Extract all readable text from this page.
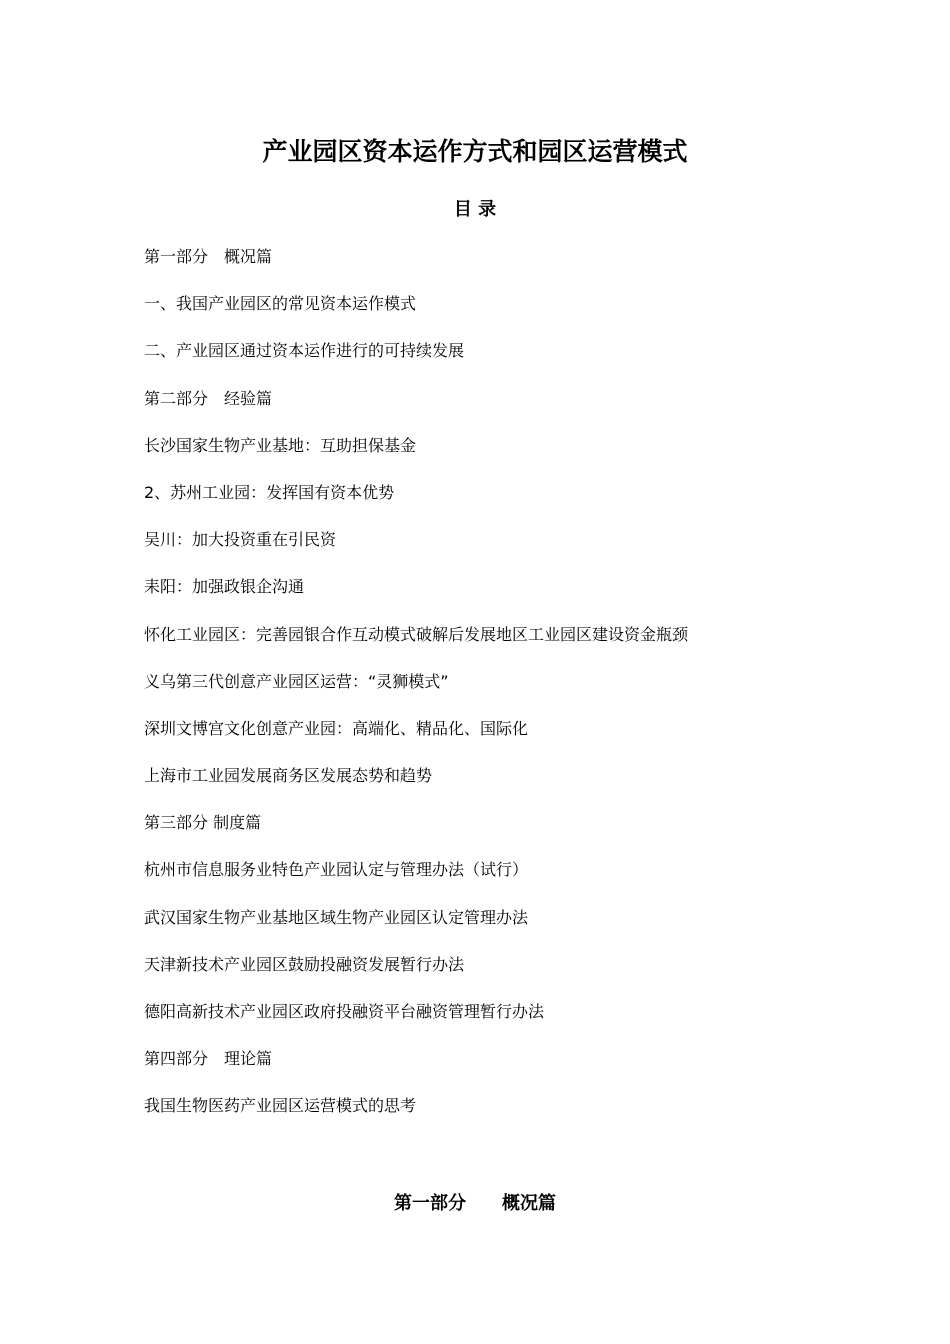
产业园区资本运作方式和园区运营模式
目 录
第一部分　概况篇
一、我国产业园区的常见资本运作模式
二、产业园区通过资本运作进行的可持续发展
第二部分　经验篇
长沙国家生物产业基地：互助担保基金
2、苏州工业园：发挥国有资本优势
吴川：加大投资重在引民资
耒阳：加强政银企沟通
怀化工业园区：完善园银合作互动模式破解后发展地区工业园区建设资金瓶颈
义乌第三代创意产业园区运营：“灵狮模式”
深圳文博宫文化创意产业园：高端化、精品化、国际化
上海市工业园发展商务区发展态势和趋势
第三部分 制度篇
杭州市信息服务业特色产业园认定与管理办法（试行）
武汉国家生物产业基地区域生物产业园区认定管理办法
天津新技术产业园区鼓励投融资发展暂行办法
德阳高新技术产业园区政府投融资平台融资管理暂行办法
第四部分　理论篇
我国生物医药产业园区运营模式的思考
第一部分　　概况篇
